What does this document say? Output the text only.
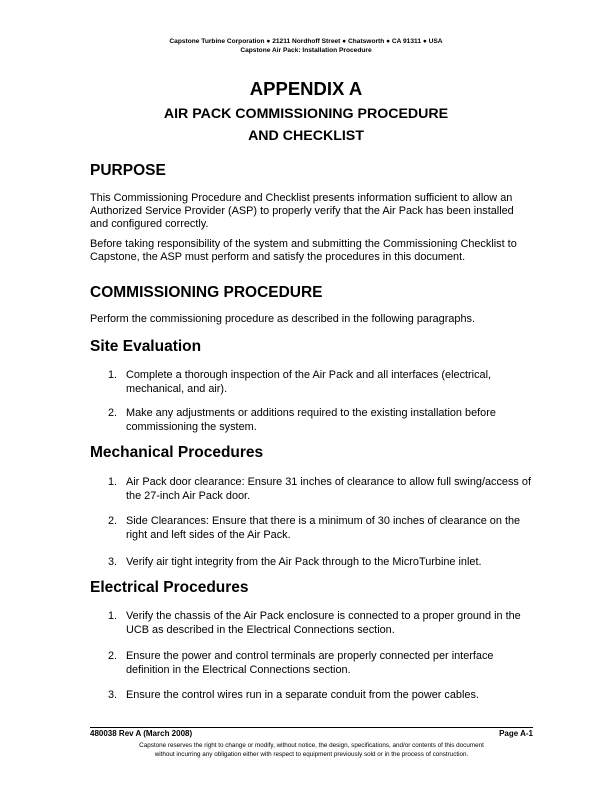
Capstone Turbine Corporation ● 21211 Nordhoff Street ● Chatsworth ● CA 91311 ● USA
Capstone Air Pack: Installation Procedure
APPENDIX A
AIR PACK COMMISSIONING PROCEDURE
AND CHECKLIST
PURPOSE
This Commissioning Procedure and Checklist presents information sufficient to allow an Authorized Service Provider (ASP) to properly verify that the Air Pack has been installed and configured correctly.
Before taking responsibility of the system and submitting the Commissioning Checklist to Capstone, the ASP must perform and satisfy the procedures in this document.
COMMISSIONING PROCEDURE
Perform the commissioning procedure as described in the following paragraphs.
Site Evaluation
1. Complete a thorough inspection of the Air Pack and all interfaces (electrical, mechanical, and air).
2. Make any adjustments or additions required to the existing installation before commissioning the system.
Mechanical Procedures
1. Air Pack door clearance: Ensure 31 inches of clearance to allow full swing/access of the 27-inch Air Pack door.
2. Side Clearances: Ensure that there is a minimum of 30 inches of clearance on the right and left sides of the Air Pack.
3. Verify air tight integrity from the Air Pack through to the MicroTurbine inlet.
Electrical Procedures
1. Verify the chassis of the Air Pack enclosure is connected to a proper ground in the UCB as described in the Electrical Connections section.
2. Ensure the power and control terminals are properly connected per interface definition in the Electrical Connections section.
3. Ensure the control wires run in a separate conduit from the power cables.
480038 Rev A (March 2008)	Page A-1
Capstone reserves the right to change or modify, without notice, the design, specifications, and/or contents of this document
without incurring any obligation either with respect to equipment previously sold or in the process of construction.
